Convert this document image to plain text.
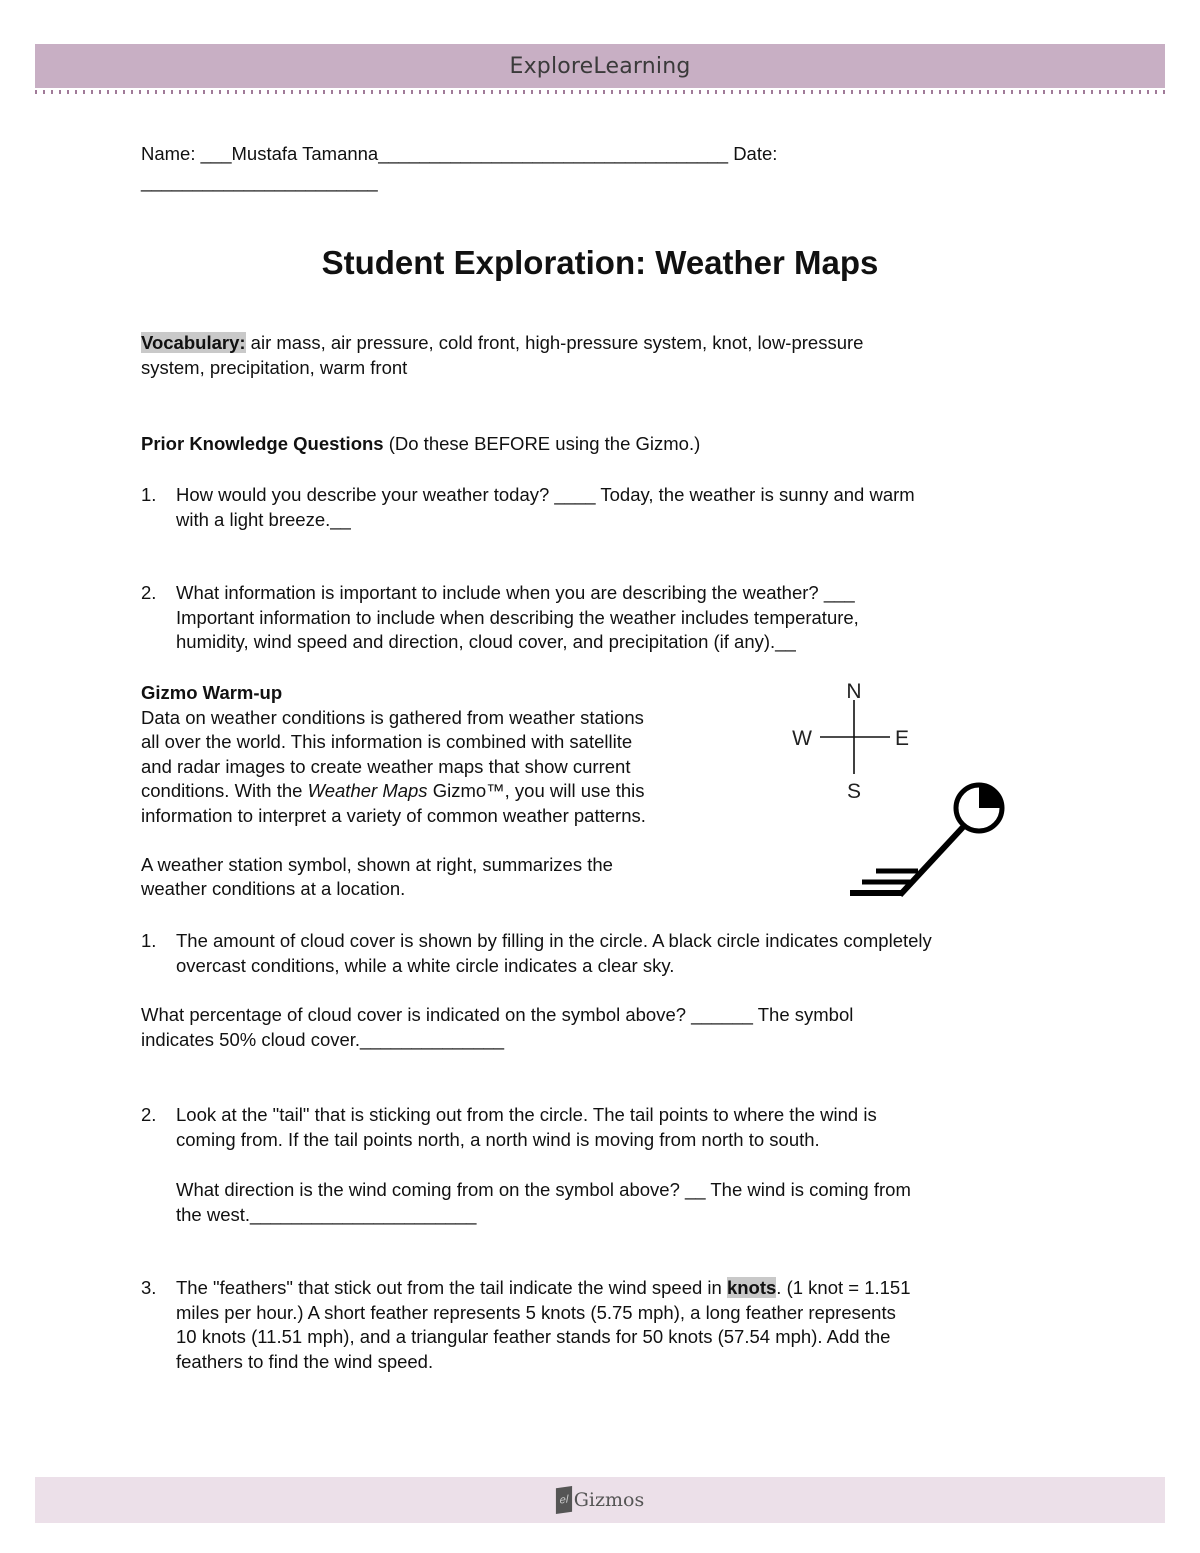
ExploreLearning
Name: ___Mustafa Tamanna__________________________________ Date:
_______________________
Student Exploration: Weather Maps
Vocabulary: air mass, air pressure, cold front, high-pressure system, knot, low-pressure
system, precipitation, warm front
Prior Knowledge Questions (Do these BEFORE using the Gizmo.)
1. How would you describe your weather today? ____ Today, the weather is sunny and warm
with a light breeze.__
2. What information is important to include when you are describing the weather? ___
Important information to include when describing the weather includes temperature,
humidity, wind speed and direction, cloud cover, and precipitation (if any).__
Gizmo Warm-up
Data on weather conditions is gathered from weather stations
all over the world. This information is combined with satellite
and radar images to create weather maps that show current
conditions. With the Weather Maps Gizmo™, you will use this
information to interpret a variety of common weather patterns.
A weather station symbol, shown at right, summarizes the
weather conditions at a location.
1. The amount of cloud cover is shown by filling in the circle. A black circle indicates completely
overcast conditions, while a white circle indicates a clear sky.
What percentage of cloud cover is indicated on the symbol above? ______ The symbol
indicates 50% cloud cover.______________
2. Look at the "tail" that is sticking out from the circle. The tail points to where the wind is
coming from. If the tail points north, a north wind is moving from north to south.
What direction is the wind coming from on the symbol above? __ The wind is coming from
the west.______________________
3. The "feathers" that stick out from the tail indicate the wind speed in knots. (1 knot = 1.151
miles per hour.) A short feather represents 5 knots (5.75 mph), a long feather represents
10 knots (11.51 mph), and a triangular feather stands for 50 knots (57.54 mph). Add the
feathers to find the wind speed.
N
S
W	E
el Gizmos
